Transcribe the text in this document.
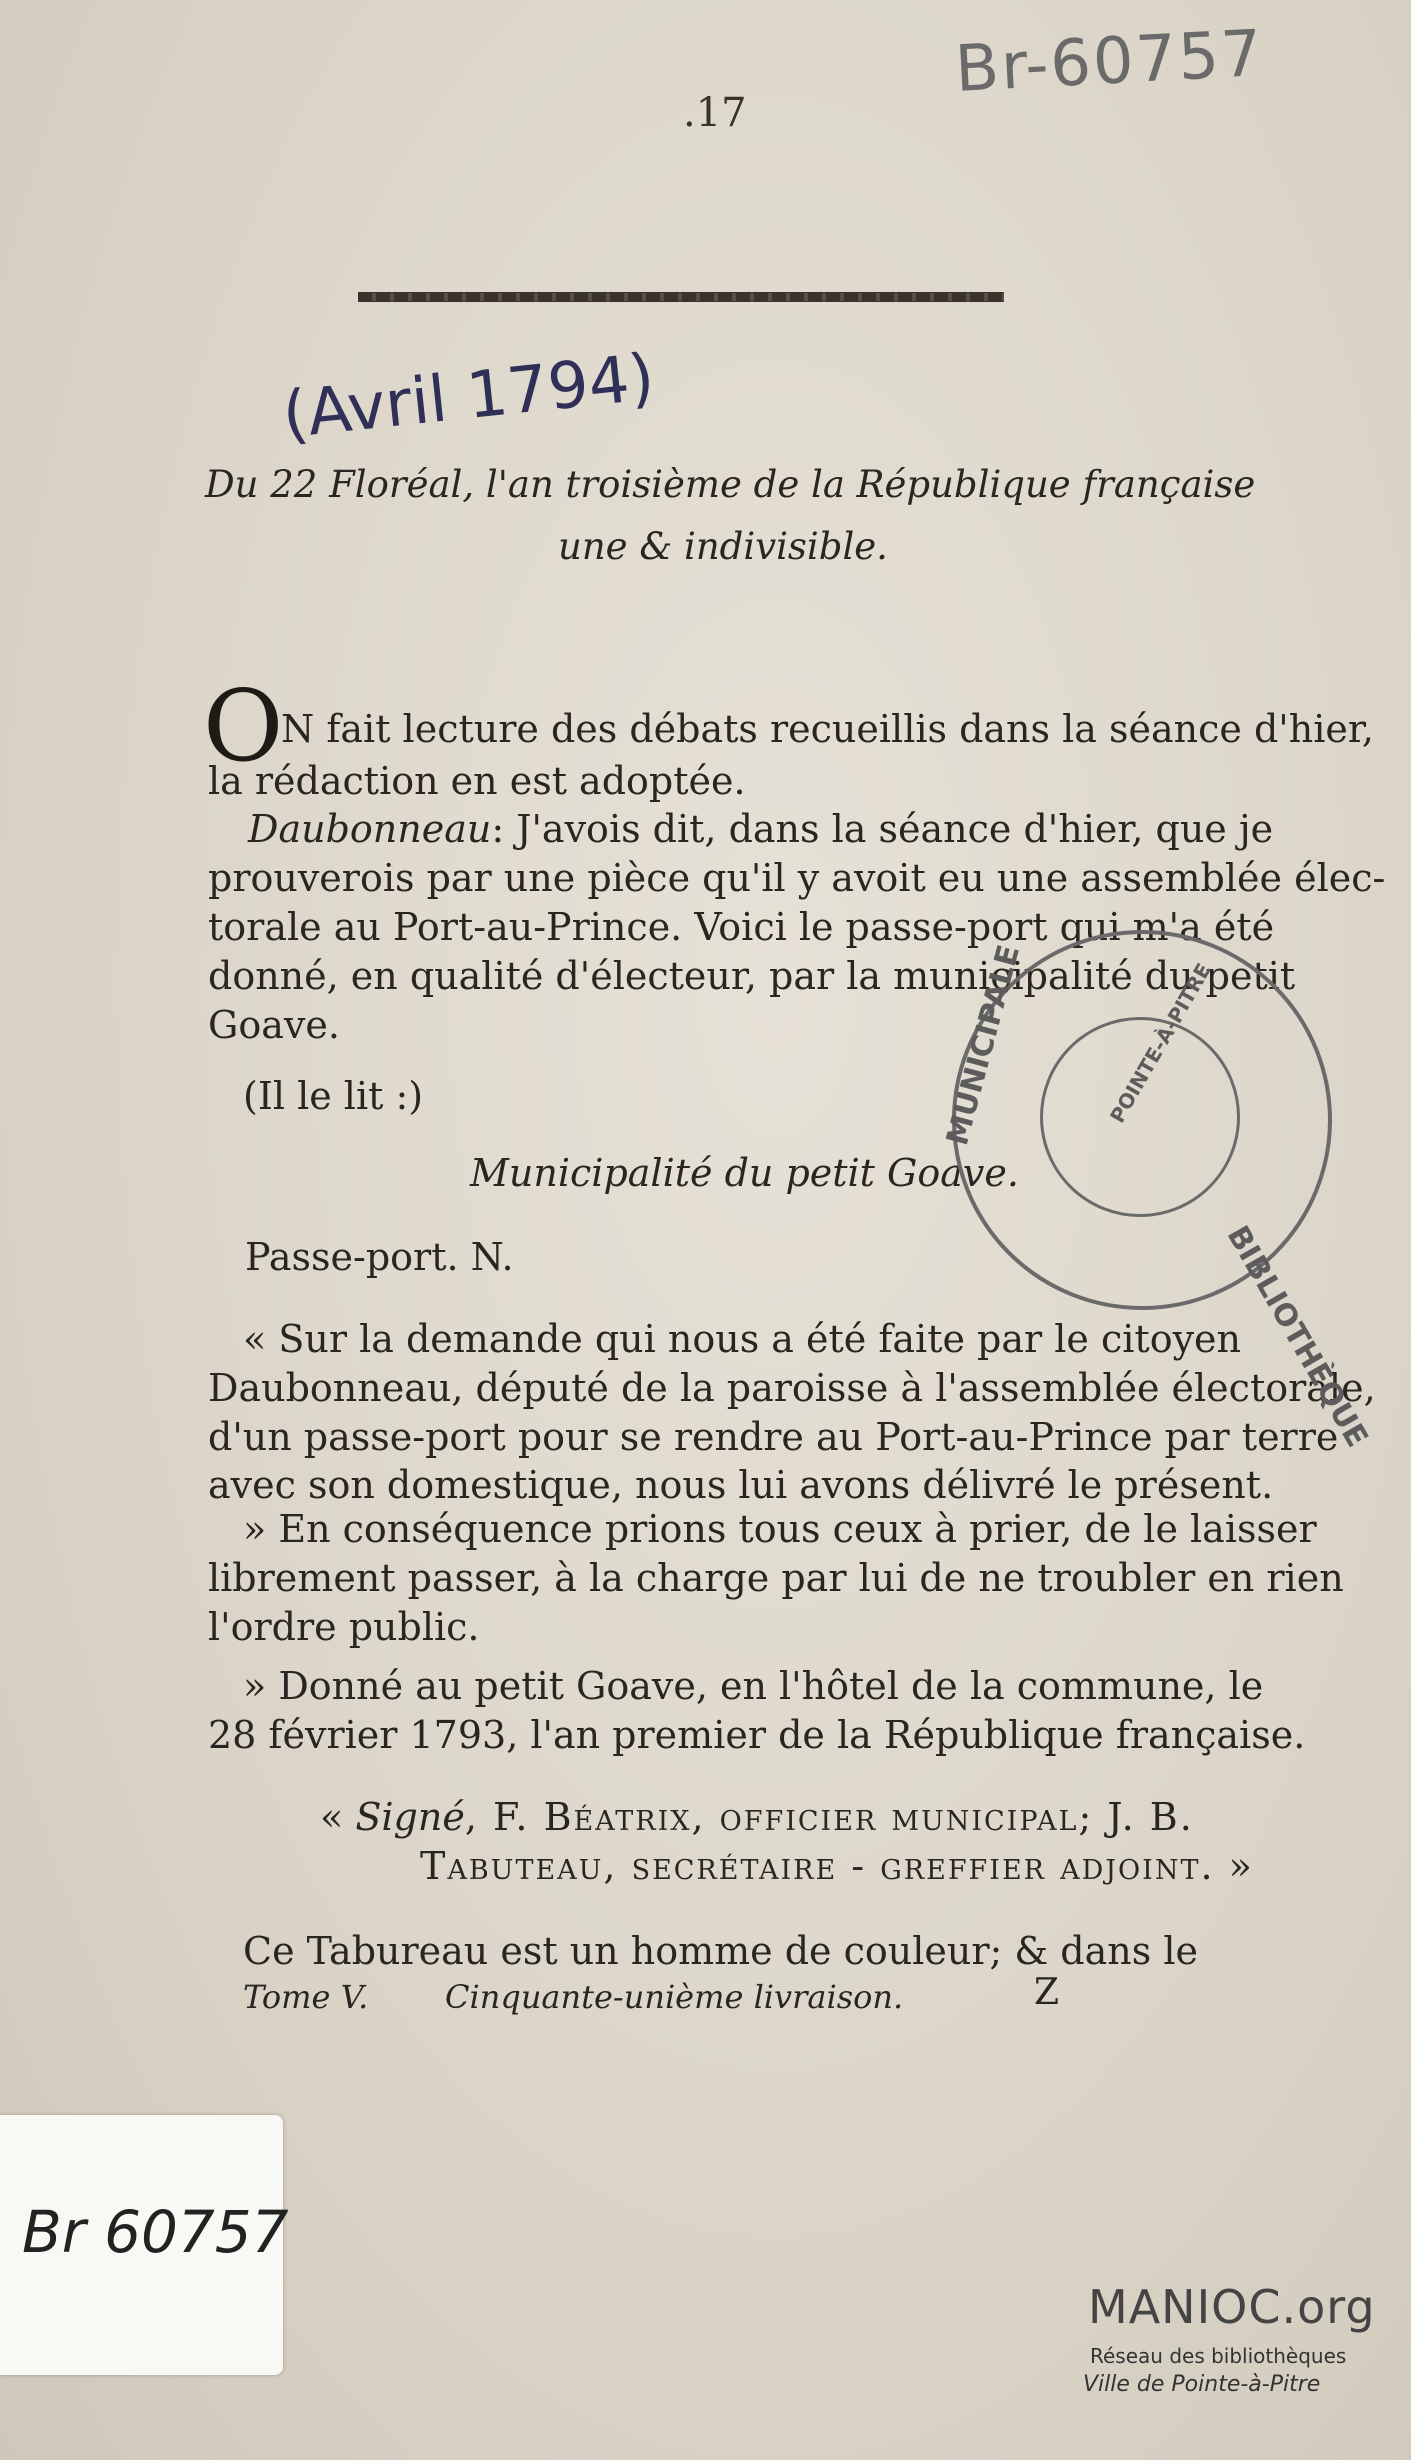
.17
Br-60757
(Avril 1794)
Du 22 Floréal, l'an troisième de la République française
une & indivisible.
O
N fait lecture des débats recueillis dans la séance d'hier,
la rédaction en est adoptée.
Daubonneau: J'avois dit, dans la séance d'hier, que je
prouverois par une pièce qu'il y avoit eu une assemblée élec-
torale au Port-au-Prince. Voici le passe-port qui m'a été
donné, en qualité d'électeur, par la municipalité du petit
Goave.
(Il le lit :)
Municipalité du petit Goave.
Passe-port. N.
« Sur la demande qui nous a été faite par le citoyen
Daubonneau, député de la paroisse à l'assemblée électorale,
d'un passe-port pour se rendre au Port-au-Prince par terre
avec son domestique, nous lui avons délivré le présent.
» En conséquence prions tous ceux à prier, de le laisser
librement passer, à la charge par lui de ne troubler en rien
l'ordre public.
» Donné au petit Goave, en l'hôtel de la commune, le
28 février 1793, l'an premier de la République française.
« Signé, F. Béatrix, officier municipal; J. B.
Tabuteau, secrétaire - greffier adjoint. »
Ce Tabureau est un homme de couleur; & dans le
Tome V. Cinquante-unième livraison.	Z
MUNICIPALE
BIBLIOTHÈQUE
POINTE-À-PITRE
Br 60757
MANIOC.org
Réseau des bibliothèques
Ville de Pointe-à-Pitre
